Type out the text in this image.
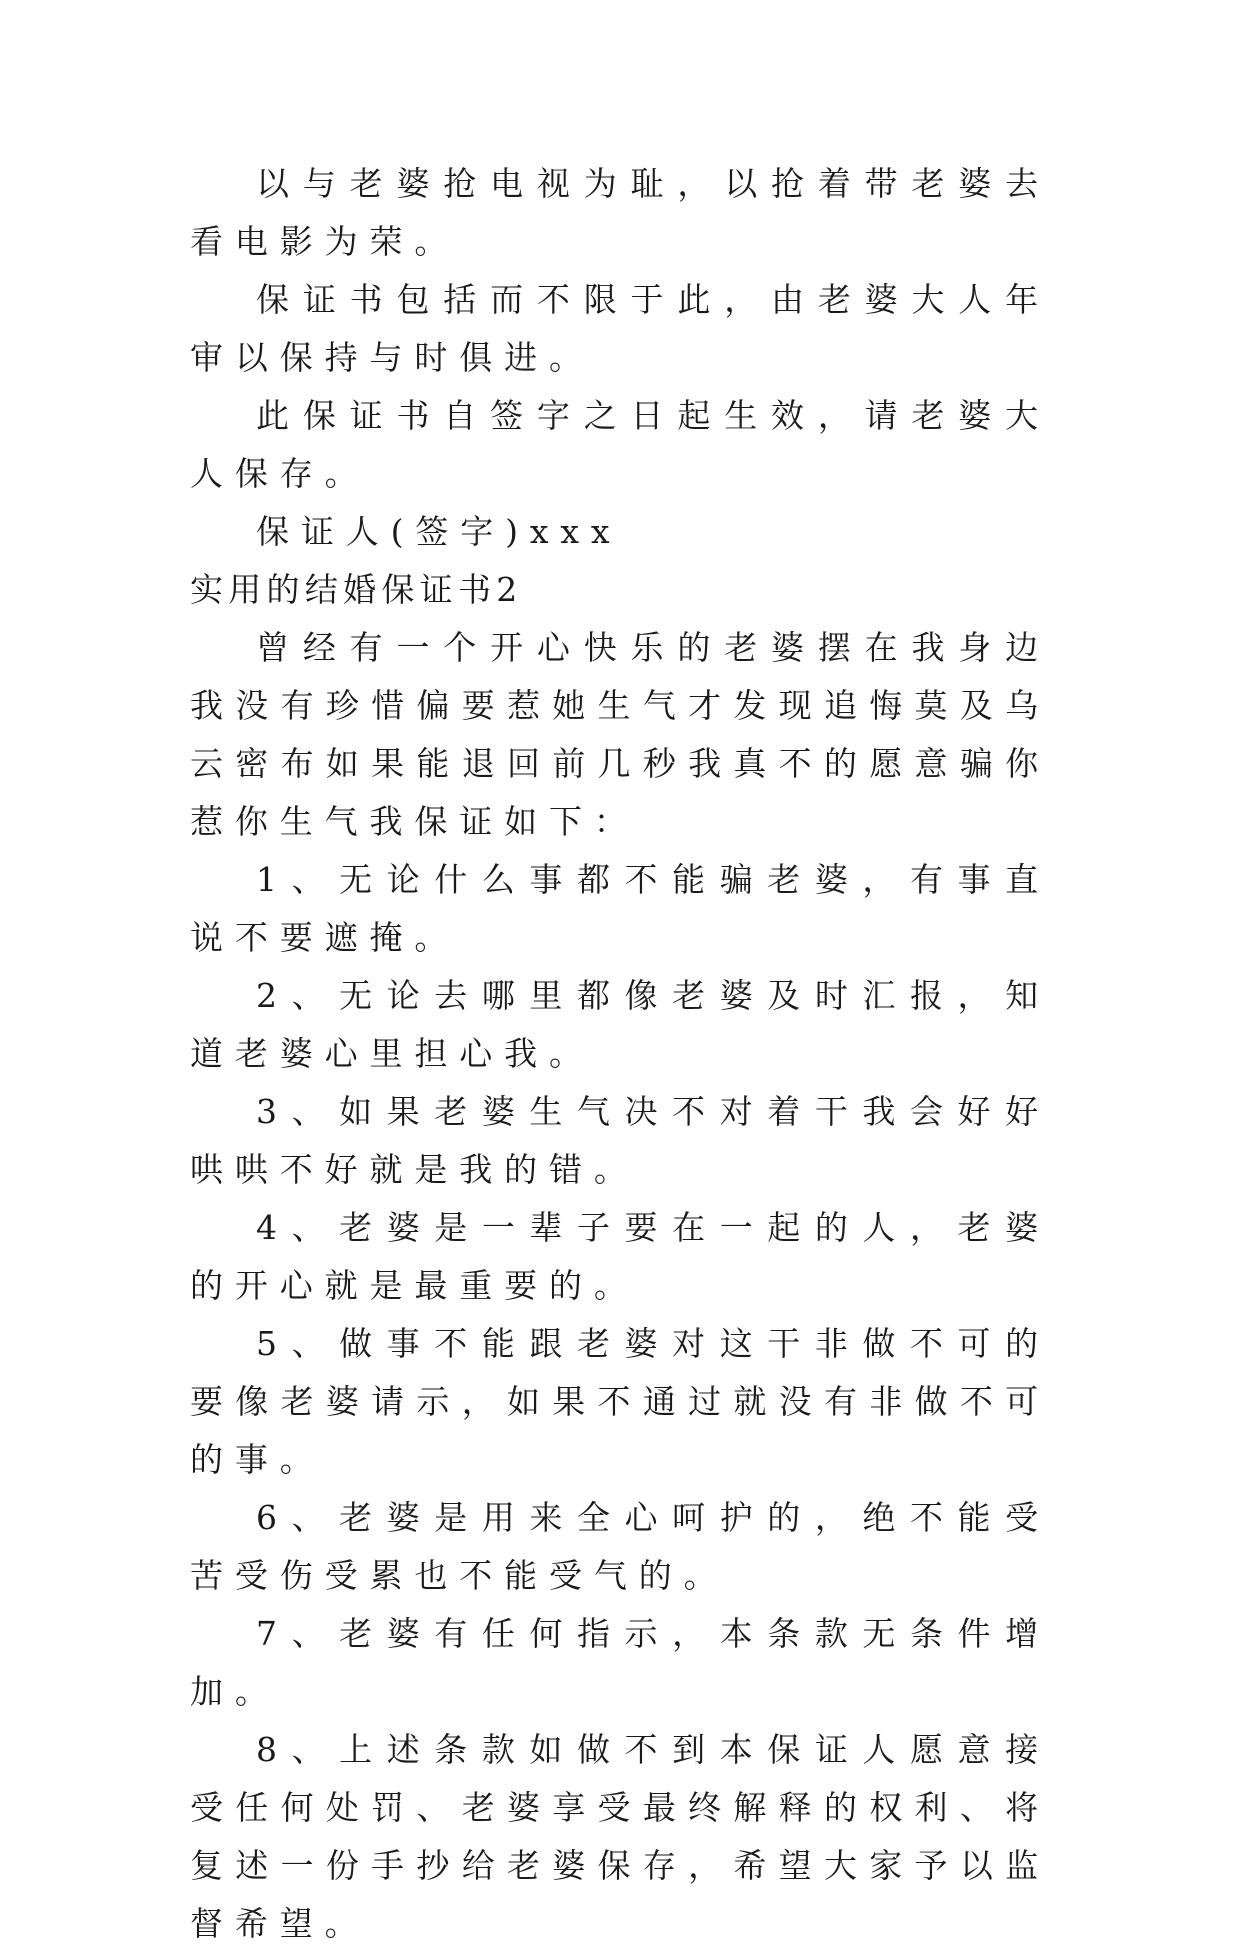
以与老婆抢电视为耻，以抢着带老婆去看电影为荣。

保证书包括而不限于此，由老婆大人年审以保持与时俱进。

此保证书自签字之日起生效，请老婆大人保存。

保证人(签字)xxx

实用的结婚保证书2

曾经有一个开心快乐的老婆摆在我身边我没有珍惜偏要惹她生气才发现追悔莫及乌云密布如果能退回前几秒我真不的愿意骗你惹你生气我保证如下：

1、无论什么事都不能骗老婆，有事直说不要遮掩。

2、无论去哪里都像老婆及时汇报，知道老婆心里担心我。

3、如果老婆生气决不对着干我会好好哄哄不好就是我的错。

4、老婆是一辈子要在一起的人，老婆的开心就是最重要的。

5、做事不能跟老婆对这干非做不可的要像老婆请示，如果不通过就没有非做不可的事。

6、老婆是用来全心呵护的，绝不能受苦受伤受累也不能受气的。

7、老婆有任何指示，本条款无条件增加。

8、上述条款如做不到本保证人愿意接受任何处罚、老婆享受最终解释的权利、将复述一份手抄给老婆保存，希望大家予以监督希望。
